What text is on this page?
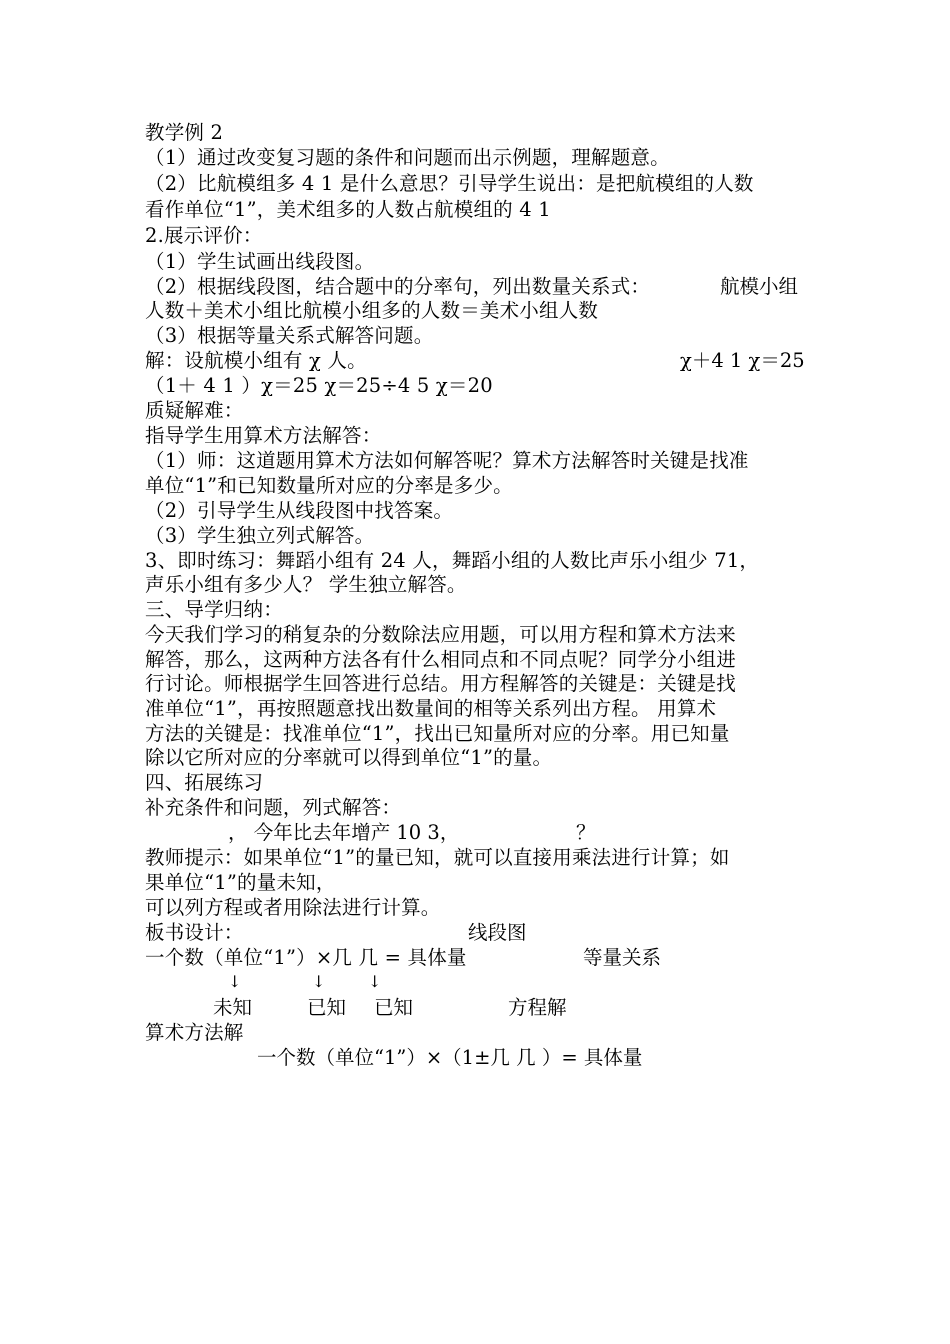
教学例 2
（1）通过改变复习题的条件和问题而出示例题，理解题意。
（2）比航模组多 4 1 是什么意思？引导学生说出：是把航模组的人数
看作单位“1”，美术组多的人数占航模组的 4 1
2.展示评价：
（1）学生试画出线段图。
（2）根据线段图，结合题中的分率句，列出数量关系式：	航模小组
人数＋美术小组比航模小组多的人数＝美术小组人数
（3）根据等量关系式解答问题。
解：设航模小组有 χ 人。	χ＋4 1 χ＝25
（1＋ 4 1 ）χ＝25 χ＝25÷4 5 χ＝20
质疑解难：
指导学生用算术方法解答：
（1）师：这道题用算术方法如何解答呢？算术方法解答时关键是找准
单位“1”和已知数量所对应的分率是多少。
（2）引导学生从线段图中找答案。
（3）学生独立列式解答。
3、即时练习：舞蹈小组有 24 人，舞蹈小组的人数比声乐小组少 71，
声乐小组有多少人？ 学生独立解答。
三、导学归纳：
今天我们学习的稍复杂的分数除法应用题，可以用方程和算术方法来
解答，那么，这两种方法各有什么相同点和不同点呢？同学分小组进
行讨论。师根据学生回答进行总结。用方程解答的关键是：关键是找
准单位“1”，再按照题意找出数量间的相等关系列出方程。 用算术
方法的关键是：找准单位“1”，找出已知量所对应的分率。用已知量
除以它所对应的分率就可以得到单位“1”的量。
四、拓展练习
补充条件和问题，列式解答：
， 今年比去年增产 10 3，	？
教师提示：如果单位“1”的量已知，就可以直接用乘法进行计算；如
果单位“1”的量未知，
可以列方程或者用除法进行计算。
板书设计：	线段图
一个数（单位“1”）×几 几 = 具体量	等量关系
↓	↓	↓
未知	已知 已知	方程解
算术方法解
一个数（单位“1”）×（1±几 几 ）= 具体量
